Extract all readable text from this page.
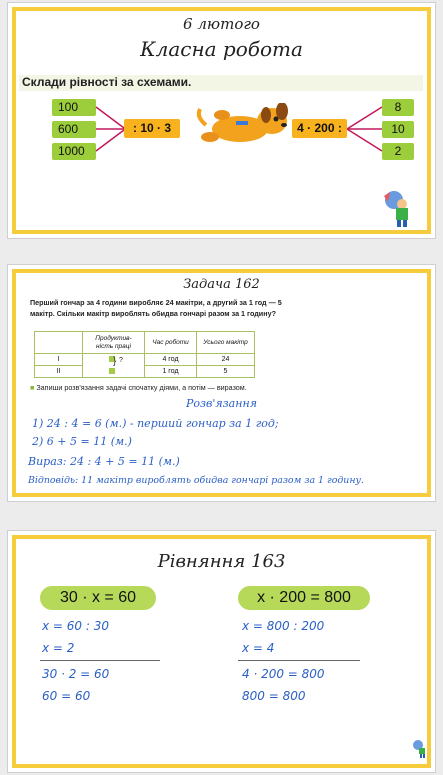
6 лютого
Класна робота
Склади рівності за схемами.
100
600
1000
: 10 · 3	4 · 200 :
8
10
2
Задача 162
Перший гончар за 4 години виробляє 24 макітри, а другий за 1 год — 5 макітр. Скільки макітр вироблять обидва гончарі разом за 1 годину?
	Продуктив-ність праці	Час роботи	Усього макітр
І		4 год	24
ІІ		1 год	5
} ?
■ Запиши розв'язання задачі спочатку діями, а потім — виразом.
Розв'язання
1) 24 : 4 = 6 (м.) - перший гончар за 1 год;
2) 6 + 5 = 11 (м.)
Вираз: 24 : 4 + 5 = 11 (м.)
Відповідь: 11 макітр вироблять обидва гончарі разом за 1 годину.
Рівняння 163
30 · x = 60
x = 60 : 30
x = 2
30 · 2 = 60
60 = 60
x · 200 = 800
x = 800 : 200
x = 4
4 · 200 = 800
800 = 800
